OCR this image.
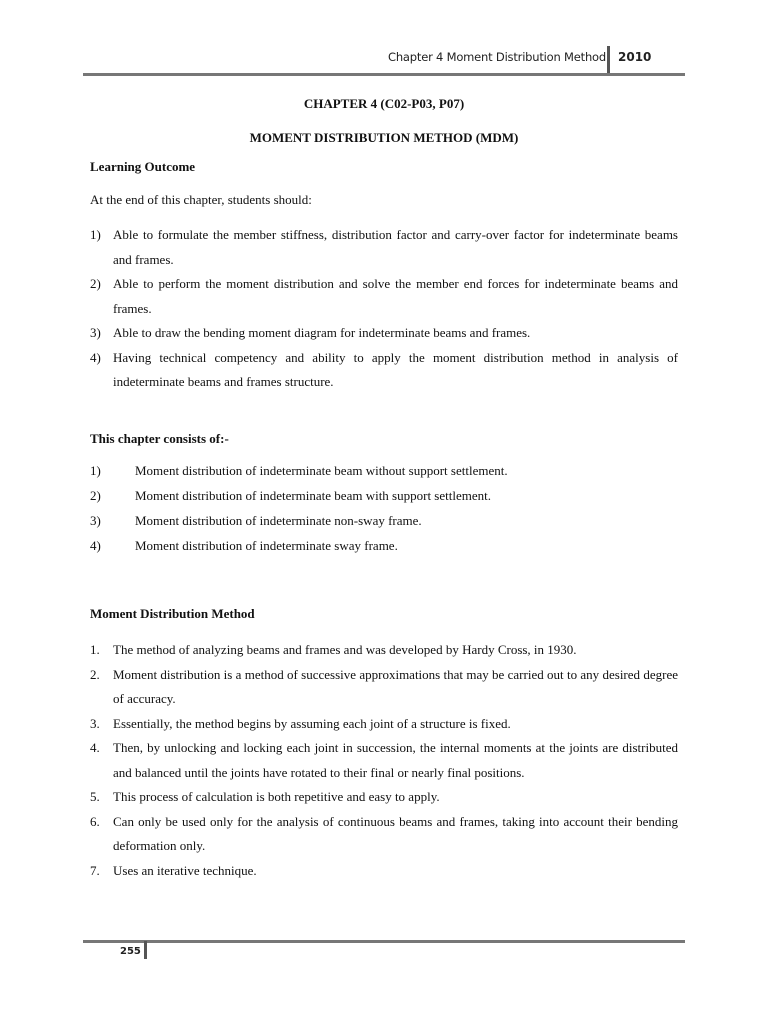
Chapter 4 Moment Distribution Method 2010
CHAPTER 4 (C02-P03, P07)
MOMENT DISTRIBUTION METHOD (MDM)
Learning Outcome
At the end of this chapter, students should:
1) Able to formulate the member stiffness, distribution factor and carry-over factor for indeterminate beams and frames.
2) Able to perform the moment distribution and solve the member end forces for indeterminate beams and frames.
3) Able to draw the bending moment diagram for indeterminate beams and frames.
4) Having technical competency and ability to apply the moment distribution method in analysis of indeterminate beams and frames structure.
This chapter consists of:-
1)	Moment distribution of indeterminate beam without support settlement.
2)	Moment distribution of indeterminate beam with support settlement.
3)	Moment distribution of indeterminate non-sway frame.
4)	Moment distribution of indeterminate sway frame.
Moment Distribution Method
1. The method of analyzing beams and frames and was developed by Hardy Cross, in 1930.
2. Moment distribution is a method of successive approximations that may be carried out to any desired degree of accuracy.
3. Essentially, the method begins by assuming each joint of a structure is fixed.
4. Then, by unlocking and locking each joint in succession, the internal moments at the joints are distributed and balanced until the joints have rotated to their final or nearly final positions.
5. This process of calculation is both repetitive and easy to apply.
6. Can only be used only for the analysis of continuous beams and frames, taking into account their bending deformation only.
7. Uses an iterative technique.
255
